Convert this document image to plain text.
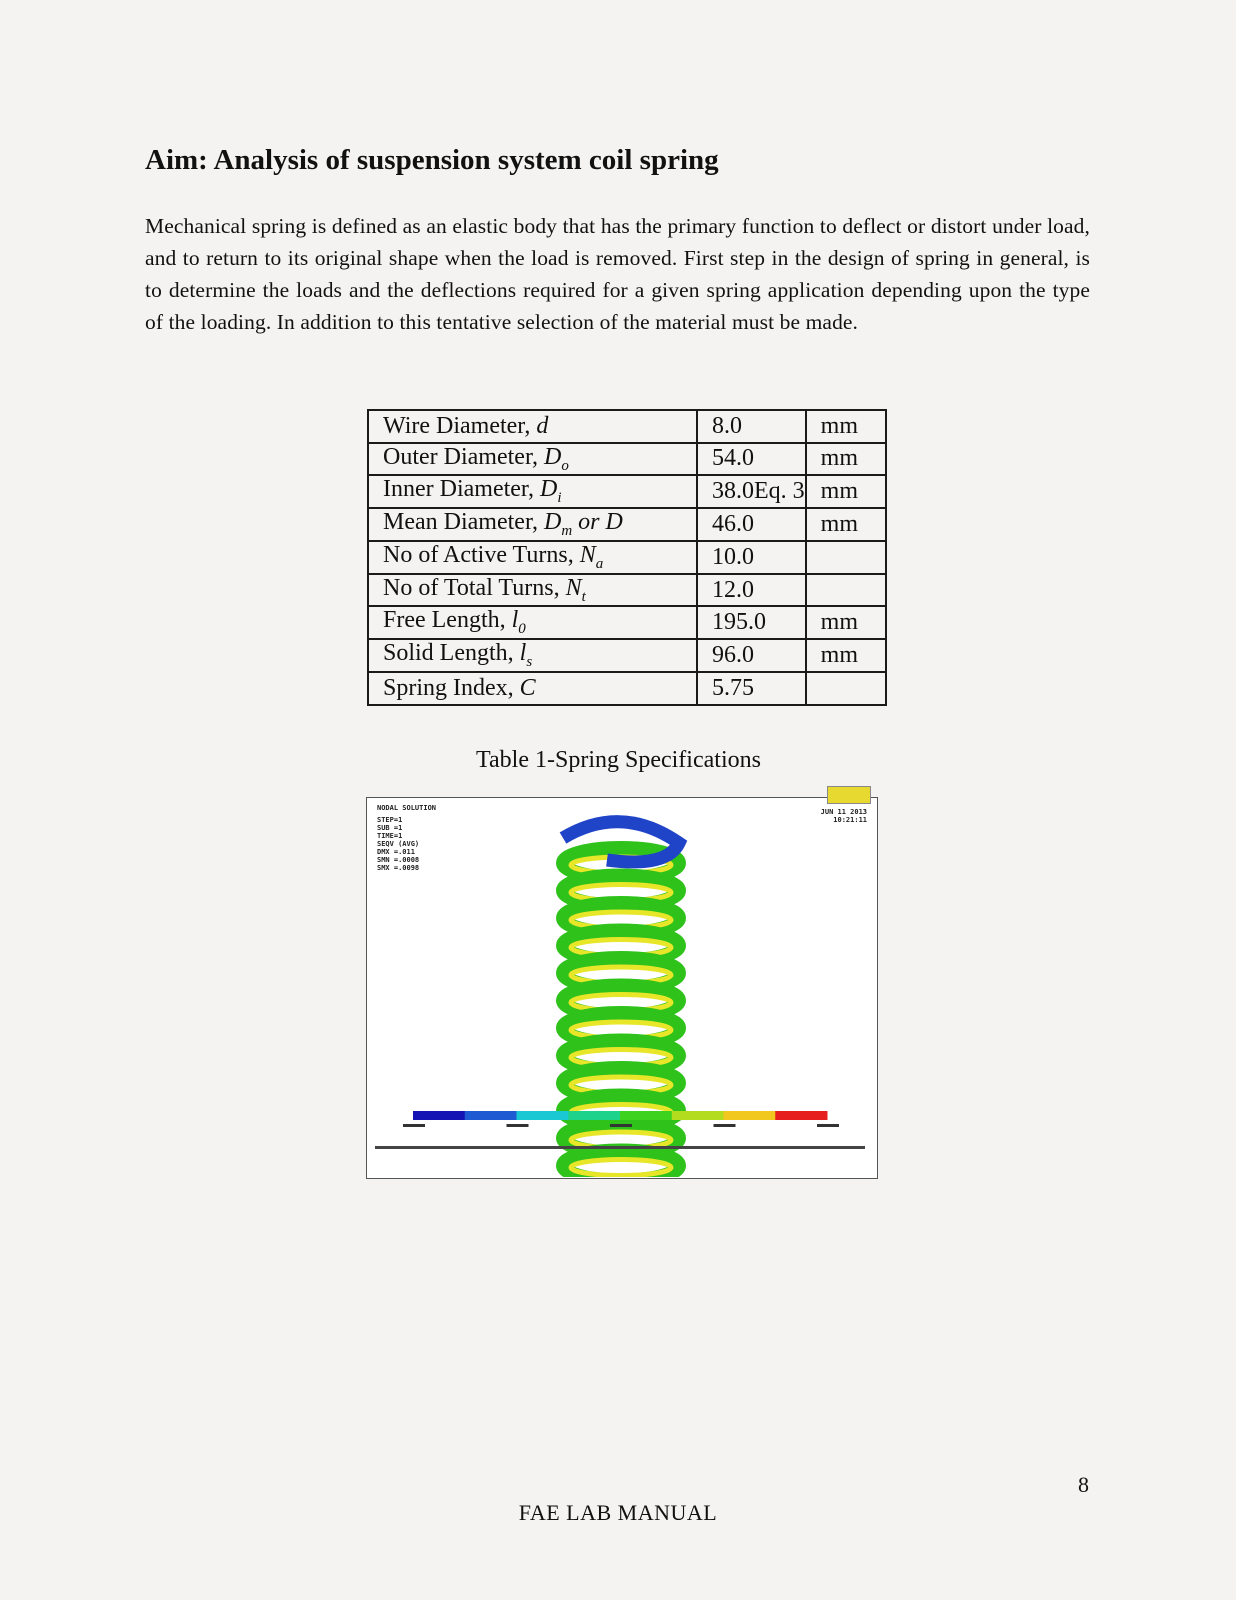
Aim: Analysis of suspension system coil spring

Mechanical spring is defined as an elastic body that has the primary function to deflect or distort under load, and to return to its original shape when the load is removed. First step in the design of spring in general, is to determine the loads and the deflections required for a given spring application depending upon the type of the loading. In addition to this tentative selection of the material must be made.

Wire Diameter, d	8.0	mm
Outer Diameter, $D_o$	54.0	mm
Inner Diameter, $D_i$	38.0Eq. 3	mm
Mean Diameter, $D_m$ or D	46.0	mm
No of Active Turns, $N_a$	10.0	
No of Total Turns, $N_t$	12.0	
Free Length, $l_0$	195.0	mm
Solid Length, $l_s$	96.0	mm
Spring Index, C	5.75	
Table 1-Spring Specifications
NODAL SOLUTION
STEP=1
SUB =1
TIME=1
SEQV (AVG)
DMX =.011
SMN =.0008
SMX =.0098
JUN 11 2013
10:21:11
8
FAE LAB MANUAL
